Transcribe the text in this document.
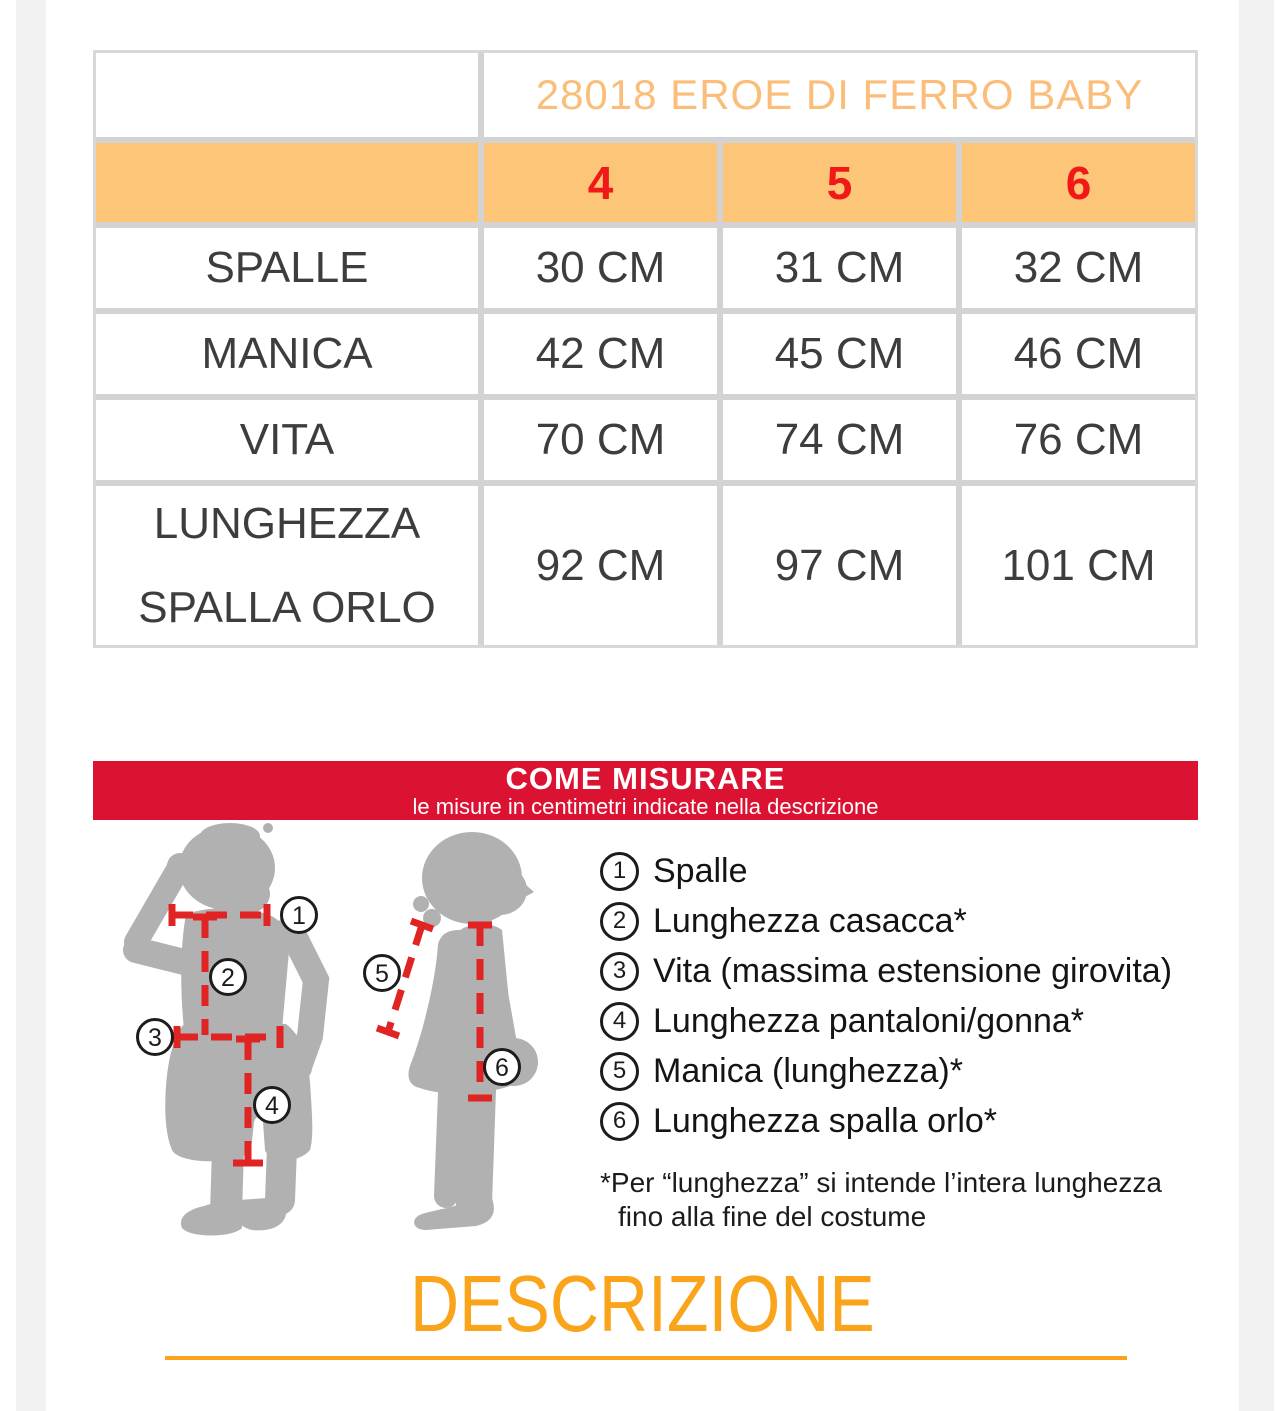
28018 EROE DI FERRO BABY
4	5	6
SPALLE	30 CM	31 CM	32 CM
MANICA	42 CM	45 CM	46 CM
VITA	70 CM	74 CM	76 CM
LUNGHEZZA
SPALLA ORLO
92 CM	97 CM	101 CM
COME MISURARE
le misure in centimetri indicate nella descrizione
1
2
3
4
5
6
1 Spalle
2 Lunghezza casacca*
3 Vita (massima estensione girovita)
4 Lunghezza pantaloni/gonna*
5 Manica (lunghezza)*
6 Lunghezza spalla orlo*
*Per “lunghezza” si intende l’intera lunghezza
fino alla fine del costume
DESCRIZIONE
